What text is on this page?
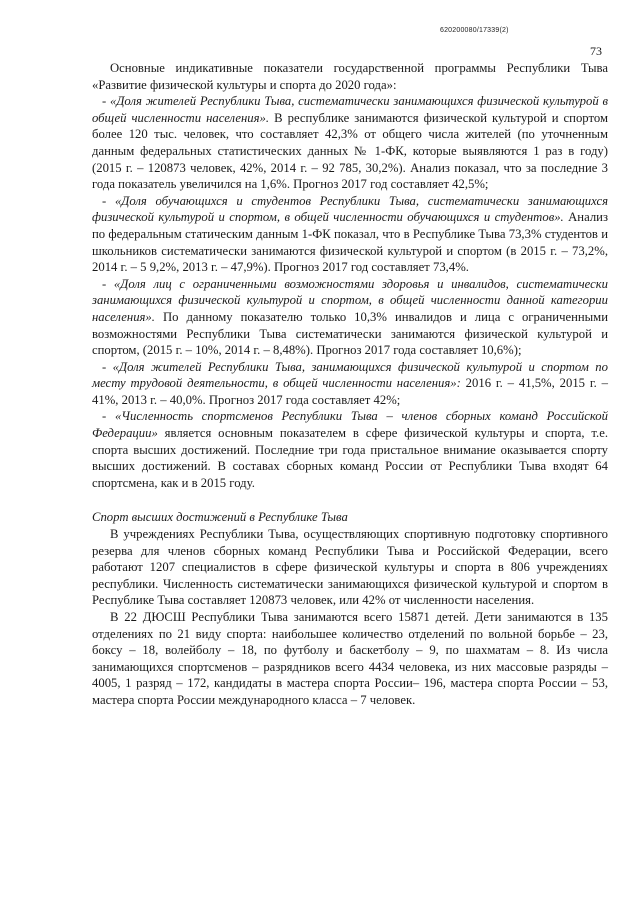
620200080/17339(2)
73

Основные индикативные показатели государственной программы Республики Тыва «Развитие физической культуры и спорта до 2020 года»:

- «Доля жителей Республики Тыва, систематически занимающихся физической культурой в общей численности населения». В республике занимаются физической культурой и спортом более 120 тыс. человек, что составляет 42,3% от общего числа жителей (по уточненным данным федеральных статистических данных № 1-ФК, которые выявляются 1 раз в году) (2015 г. – 120873 человек, 42%, 2014 г. – 92 785, 30,2%). Анализ показал, что за последние 3 года показатель увеличился на 1,6%. Прогноз 2017 год составляет 42,5%;

- «Доля обучающихся и студентов Республики Тыва, систематически занимающихся физической культурой и спортом, в общей численности обучающихся и студентов». Анализ по федеральным статическим данным 1-ФК показал, что в Республике Тыва 73,3% студентов и школьников систематически занимаются физической культурой и спортом (в 2015 г. – 73,2%, 2014 г. – 5 9,2%, 2013 г. – 47,9%). Прогноз 2017 год составляет 73,4%.

- «Доля лиц с ограниченными возможностями здоровья и инвалидов, систематически занимающихся физической культурой и спортом, в общей численности данной категории населения». По данному показателю только 10,3% инвалидов и лица с ограниченными возможностями Республики Тыва систематически занимаются физической культурой и спортом, (2015 г. – 10%, 2014 г. – 8,48%). Прогноз 2017 года составляет 10,6%);

- «Доля жителей Республики Тыва, занимающихся физической культурой и спортом по месту трудовой деятельности, в общей численности населения»: 2016 г. – 41,5%, 2015 г. – 41%, 2013 г. – 40,0%. Прогноз 2017 года составляет 42%;

- «Численность спортсменов Республики Тыва – членов сборных команд Российской Федерации» является основным показателем в сфере физической культуры и спорта, т.е. спорта высших достижений. Последние три года пристальное внимание оказывается спорту высших достижений. В составах сборных команд России от Республики Тыва входят 64 спортсмена, как и в 2015 году.

Спорт высших достижений в Республике Тыва

В учреждениях Республики Тыва, осуществляющих спортивную подготовку спортивного резерва для членов сборных команд Республики Тыва и Российской Федерации, всего работают 1207 специалистов в сфере физической культуры и спорта в 806 учреждениях республики. Численность систематически занимающихся физической культурой и спортом в Республике Тыва составляет 120873 человек, или 42% от численности населения.

В 22 ДЮСШ Республики Тыва занимаются всего 15871 детей. Дети занимаются в 135 отделениях по 21 виду спорта: наибольшее количество отделений по вольной борьбе – 23, боксу – 18, волейболу – 18, по футболу и баскетболу – 9, по шахматам – 8. Из числа занимающихся спортсменов – разрядников всего 4434 человека, из них массовые разряды – 4005, 1 разряд – 172, кандидаты в мастера спорта России– 196, мастера спорта России – 53, мастера спорта России международного класса – 7 человек.
